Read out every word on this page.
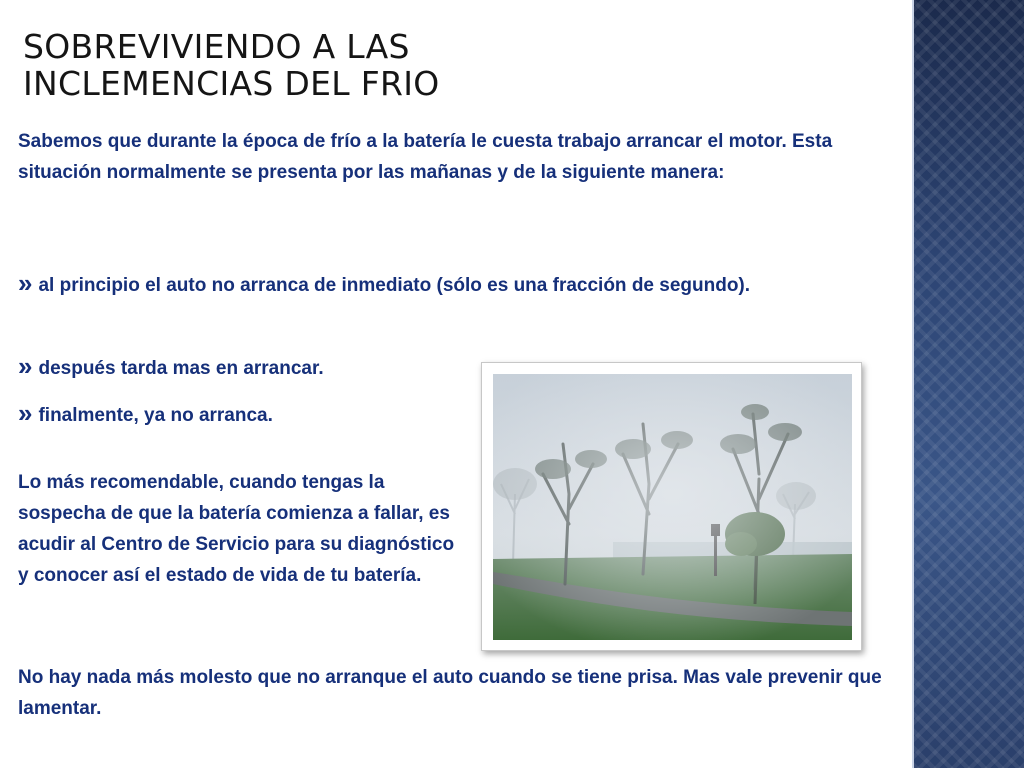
SOBREVIVIENDO A LAS
INCLEMENCIAS DEL FRIO

Sabemos que durante la época de frío a la batería le cuesta trabajo arrancar el motor. Esta situación normalmente se presenta por las mañanas y de la siguiente manera:

» al principio el auto no arranca de inmediato (sólo es una fracción de segundo).

» después tarda mas en arrancar.

» finalmente, ya no arranca.

Lo más recomendable, cuando tengas la sospecha de que la batería comienza a fallar, es acudir al Centro de Servicio para su diagnóstico y conocer así el estado de vida de tu batería.

No hay nada más molesto que no arranque el auto cuando se tiene prisa. Mas vale prevenir que lamentar.
